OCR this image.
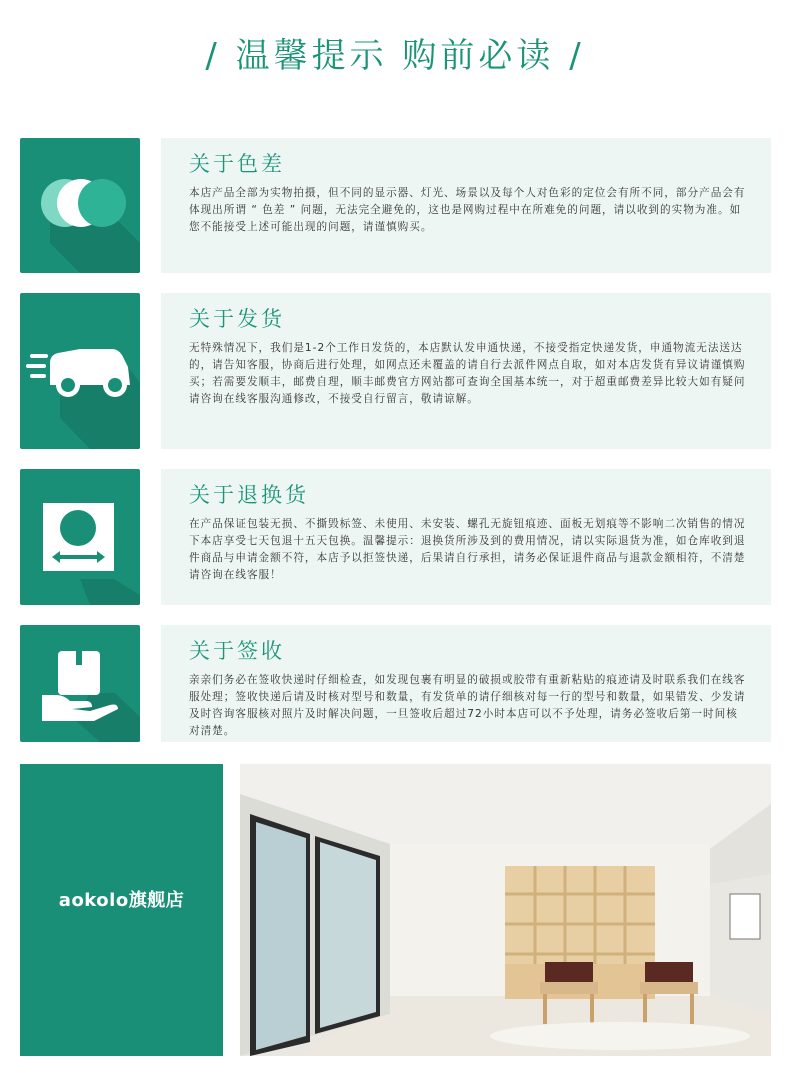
/ 温馨提示 购前必读 /
关于色差
本店产品全部为实物拍摄，但不同的显示器、灯光、场景以及每个人对色彩的定位会有所不同，部分产品会有体现出所谓 “ 色差 ” 问题，无法完全避免的，这也是网购过程中在所难免的问题，请以收到的实物为准。如您不能接受上述可能出现的问题，请谨慎购买。
关于发货
无特殊情况下，我们是1-2个工作日发货的，本店默认发申通快递，不接受指定快递发货，申通物流无法送达的，请告知客服，协商后进行处理，如网点还未覆盖的请自行去派件网点自取，如对本店发货有异议请谨慎购买；若需要发顺丰，邮费自理，顺丰邮费官方网站都可查询全国基本统一，对于超重邮费差异比较大如有疑问请咨询在线客服沟通修改，不接受自行留言，敬请谅解。
关于退换货
在产品保证包装无损、不撕毁标签、未使用、未安装、螺孔无旋钮痕迹、面板无划痕等不影响二次销售的情况下本店享受七天包退十五天包换。温馨提示：退换货所涉及到的费用情况，请以实际退货为准，如仓库收到退件商品与申请金额不符，本店予以拒签快递，后果请自行承担，请务必保证退件商品与退款金额相符，不清楚请咨询在线客服！
关于签收
亲亲们务必在签收快递时仔细检查，如发现包裹有明显的破损或胶带有重新粘贴的痕迹请及时联系我们在线客服处理；签收快递后请及时核对型号和数量，有发货单的请仔细核对每一行的型号和数量，如果错发、少发请及时咨询客服核对照片及时解决问题，一旦签收后超过72小时本店可以不予处理，请务必签收后第一时间核对清楚。
aokolo旗舰店
